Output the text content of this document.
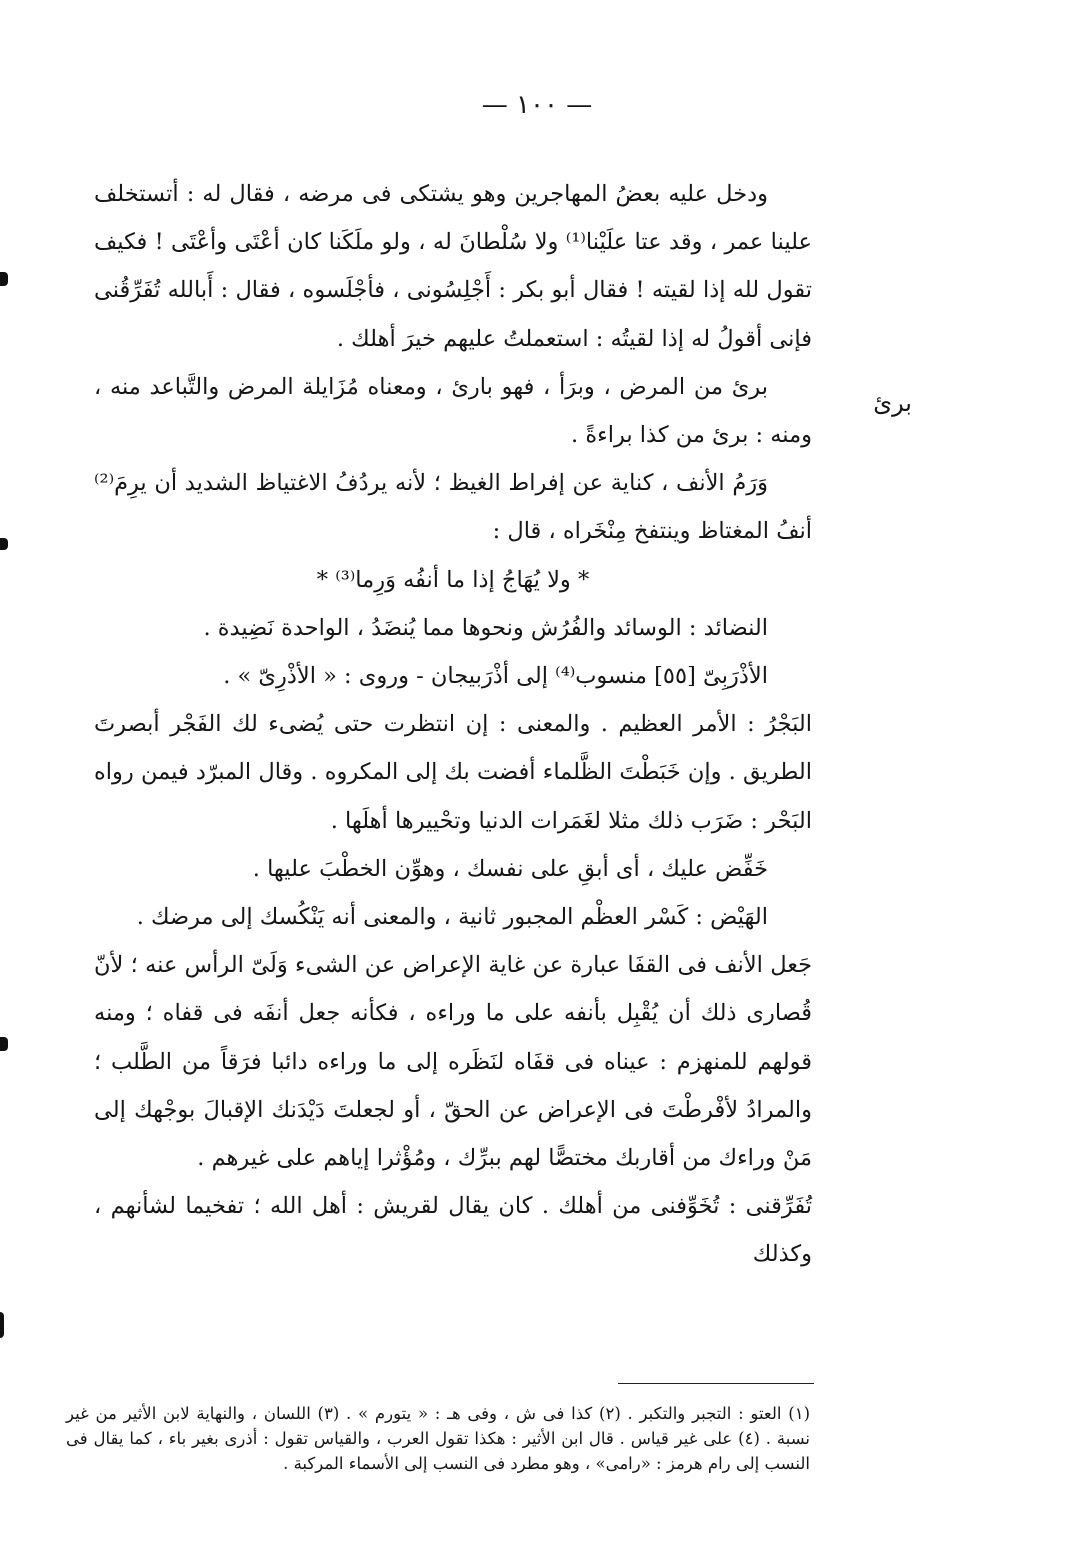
— ١٠٠ —
برئ

ودخل عليه بعضُ المهاجرين وهو يشتكى فى مرضه ، فقال له : أتستخلف علينا عمر ، وقد عتا علَيْنا⁽¹⁾ ولا سُلْطانَ له ، ولو ملَكَنا كان أعْتَى وأعْتَى ! فكيف تقول لله إذا لقيته ! فقال أبو بكر : أَجْلِسُونى ، فأجْلَسوه ، فقال : أَبالله تُفَرِّقُنى فإنى أقولُ له إذا لقيتُه : استعملتُ عليهم خيرَ أهلك .

برئ من المرض ، وبرَأ ، فهو بارئ ، ومعناه مُزَايلة المرض والتَّباعد منه ، ومنه : برئ من كذا براءةً .

وَرَمُ الأنف ، كناية عن إفراط الغيظ ؛ لأنه يردُفُ الاغتياظ الشديد أن يرِمَ⁽²⁾ أنفُ المغتاظ وينتفخ مِنْخَراه ، قال :

* ولا يُهَاجُ إذا ما أنفُه وَرِما⁽³⁾ *

النضائد : الوسائد والفُرُش ونحوها مما يُنضَدُ ، الواحدة نَضِيدة .

الأذْرَبِىّ [٥٥] منسوب⁽⁴⁾ إلى أذْرَبيجان - وروى : « الأذْرِىّ » .

البَجْرُ : الأمر العظيم . والمعنى : إن انتظرت حتى يُضىء لك الفَجْر أبصرتَ الطريق . وإن خَبَطْتَ الظَّلماء أفضت بك إلى المكروه . وقال المبرّد فيمن رواه البَحْر : ضَرَب ذلك مثلا لغَمَرات الدنيا وتحْييرها أهلَها .

خَفِّض عليك ، أى أبقِ على نفسك ، وهوِّن الخطْبَ عليها .

الهَيْض : كَسْر العظْم المجبور ثانية ، والمعنى أنه يَنْكُسك إلى مرضك .

جَعل الأنف فى القفَا عبارة عن غاية الإعراض عن الشىء وَلَىّ الرأس عنه ؛ لأنّ قُصارى ذلك أن يُقْبِل بأنفه على ما وراءه ، فكأنه جعل أنفَه فى قفاه ؛ ومنه قولهم للمنهزم : عيناه فى قفَاه لنَظَره إلى ما وراءه دائبا فرَقاً من الطَّلب ؛ والمرادُ لأفْرطْتَ فى الإعراض عن الحقّ ، أو لجعلتَ دَيْدَنك الإقبالَ بوجْهك إلى مَنْ وراءك من أقاربك مختصًّا لهم ببرِّك ، ومُؤْثرا إياهم على غيرهم .

تُفَرِّقنى : تُخَوِّفنى من أهلك . كان يقال لقريش : أهل الله ؛ تفخيما لشأنهم ، وكذلك

(١) العتو : التجبر والتكبر . (٢) كذا فى ش ، وفى هـ : « يتورم » . (٣) اللسان ، والنهاية لابن الأثير من غير نسبة . (٤) على غير قياس . قال ابن الأثير : هكذا تقول العرب ، والقياس تقول : أذرى بغير باء ، كما يقال فى النسب إلى رام هرمز : «رامى» ، وهو مطرد فى النسب إلى الأسماء المركبة .
